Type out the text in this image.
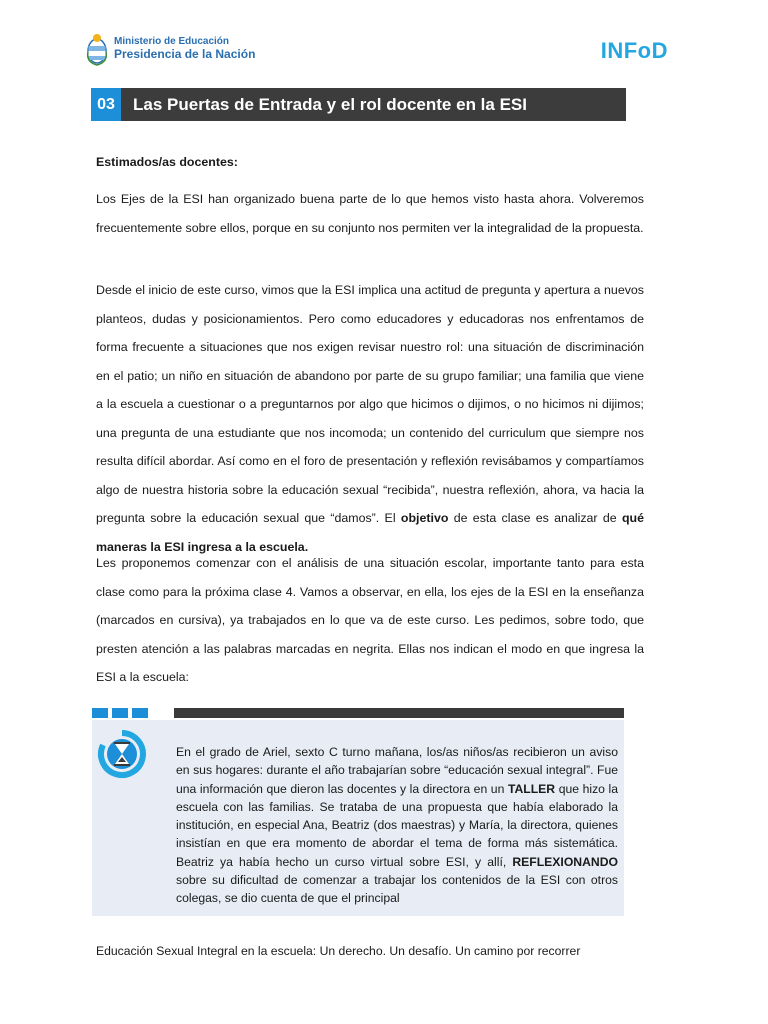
Ministerio de Educación
Presidencia de la Nación	INFoD
03	Las Puertas de Entrada y el rol docente en la ESI
Estimados/as docentes:
Los Ejes de la ESI han organizado buena parte de lo que hemos visto hasta ahora. Volveremos frecuentemente sobre ellos, porque en su conjunto nos permiten ver la integralidad de la propuesta.
Desde el inicio de este curso, vimos que la ESI implica una actitud de pregunta y apertura a nuevos planteos, dudas y posicionamientos. Pero como educadores y educadoras nos enfrentamos de forma frecuente a situaciones que nos exigen revisar nuestro rol: una situación de discriminación en el patio; un niño en situación de abandono por parte de su grupo familiar; una familia que viene a la escuela a cuestionar o a preguntarnos por algo que hicimos o dijimos, o no hicimos ni dijimos; una pregunta de una estudiante que nos incomoda; un contenido del curriculum que siempre nos resulta difícil abordar. Así como en el foro de presentación y reflexión revisábamos y compartíamos algo de nuestra historia sobre la educación sexual “recibida”, nuestra reflexión, ahora, va hacia la pregunta sobre la educación sexual que “damos”. El objetivo de esta clase es analizar de qué maneras la ESI ingresa a la escuela.
Les proponemos comenzar con el análisis de una situación escolar, importante tanto para esta clase como para la próxima clase 4. Vamos a observar, en ella, los ejes de la ESI en la enseñanza (marcados en cursiva), ya trabajados en lo que va de este curso. Les pedimos, sobre todo, que presten atención a las palabras marcadas en negrita. Ellas nos indican el modo en que ingresa la ESI a la escuela:
En el grado de Ariel, sexto C turno mañana, los/as niños/as recibieron un aviso en sus hogares: durante el año trabajarían sobre “educación sexual integral”. Fue una información que dieron las docentes y la directora en un TALLER que hizo la escuela con las familias. Se trataba de una propuesta que había elaborado la institución, en especial Ana, Beatriz (dos maestras) y María, la directora, quienes insistían en que era momento de abordar el tema de forma más sistemática. Beatriz ya había hecho un curso virtual sobre ESI, y allí, REFLEXIONANDO sobre su dificultad de comenzar a trabajar los contenidos de la ESI con otros colegas, se dio cuenta de que el principal
Educación Sexual Integral en la escuela: Un derecho. Un desafío. Un camino por recorrer
